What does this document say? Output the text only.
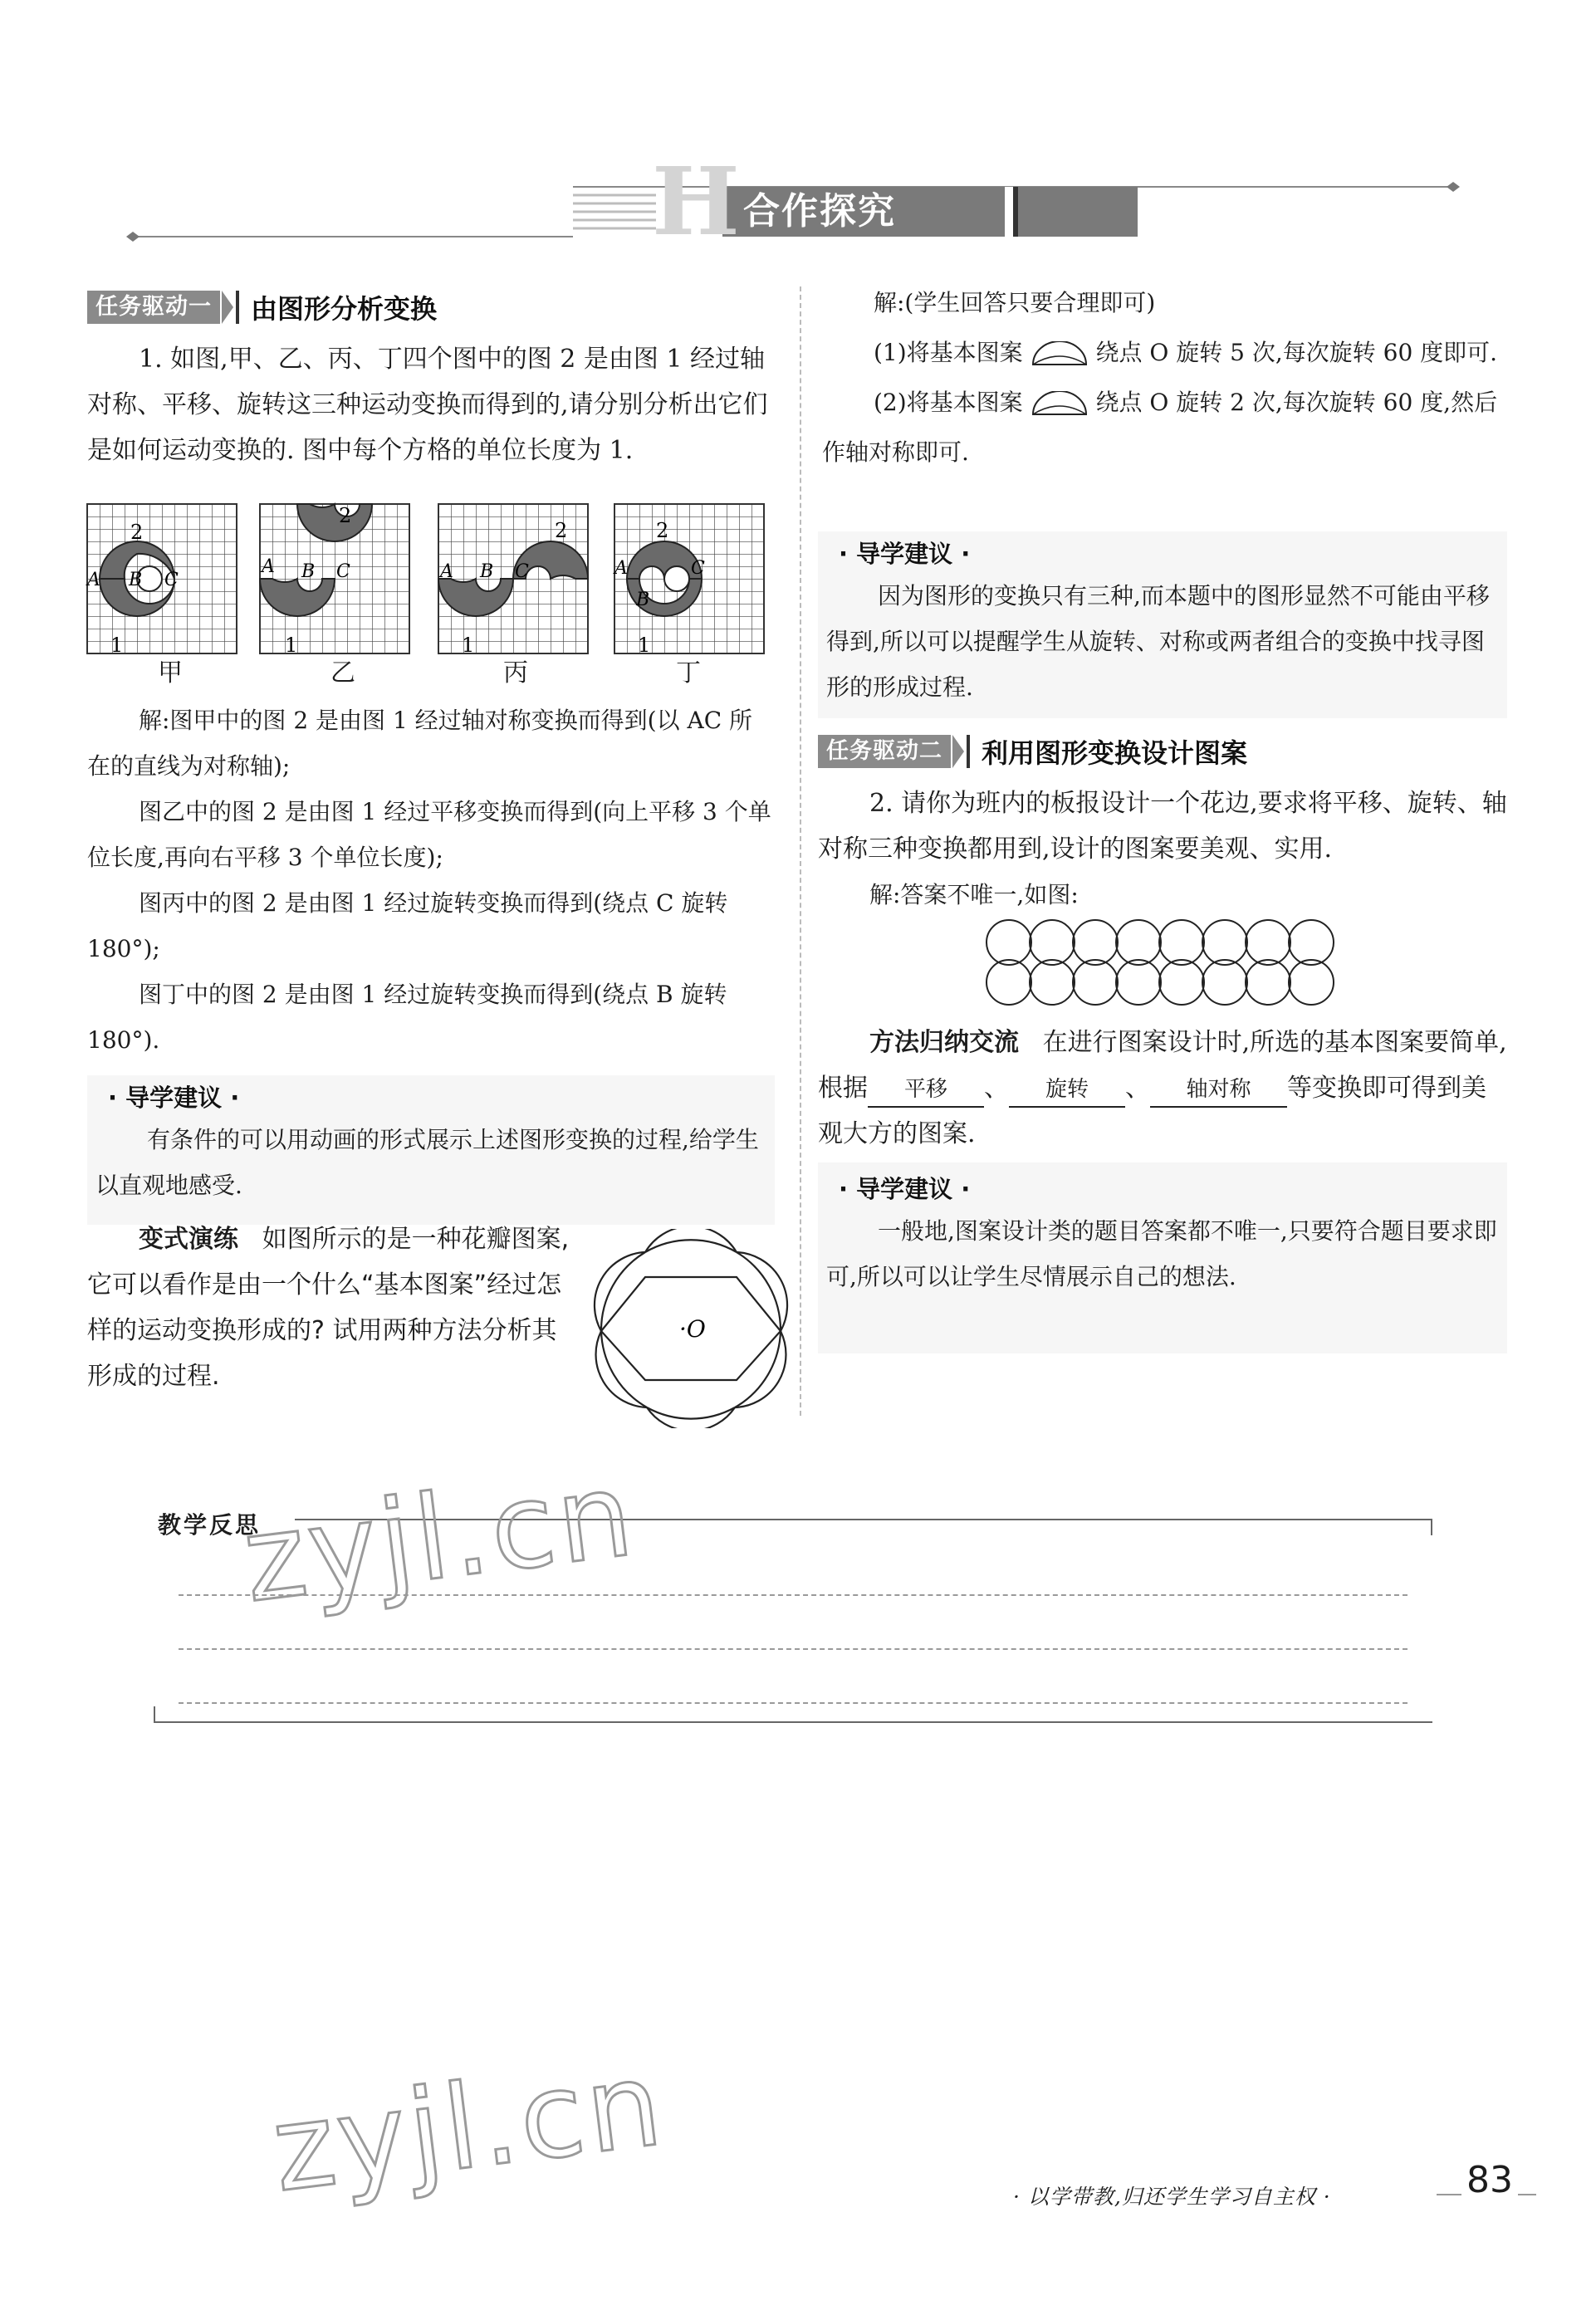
H 合作探究
任务驱动一	由图形分析变换

1. 如图,甲、乙、丙、丁四个图中的图 2 是由图 1 经过轴对称、平移、旋转这三种运动变换而得到的,请分别分析出它们是如何运动变换的. 图中每个方格的单位长度为 1.

2
A B C
1
2
A B C
1
2
A B C
1
2
A
B
C
1
甲	乙	丙	丁

解:图甲中的图 2 是由图 1 经过轴对称变换而得到(以 AC 所在的直线为对称轴);

图乙中的图 2 是由图 1 经过平移变换而得到(向上平移 3 个单位长度,再向右平移 3 个单位长度);

图丙中的图 2 是由图 1 经过旋转变换而得到(绕点 C 旋转 180°);

图丁中的图 2 是由图 1 经过旋转变换而得到(绕点 B 旋转 180°).

· 导学建议 ·

有条件的可以用动画的形式展示上述图形变换的过程,给学生以直观地感受.

变式演练 如图所示的是一种花瓣图案,它可以看作是由一个什么“基本图案”经过怎样的运动变换形成的? 试用两种方法分析其形成的过程.

·O

解:(学生回答只要合理即可)

(1)将基本图案	绕点 O 旋转 5 次,每次旋转 60 度即可.

(2)将基本图案	绕点 O 旋转 2 次,每次旋转 60 度,然后作轴对称即可.

· 导学建议 ·

因为图形的变换只有三种,而本题中的图形显然不可能由平移得到,所以可以提醒学生从旋转、对称或两者组合的变换中找寻图形的形成过程.

任务驱动二	利用图形变换设计图案

2. 请你为班内的板报设计一个花边,要求将平移、旋转、轴对称三种变换都用到,设计的图案要美观、实用.

解:答案不唯一,如图:

方法归纳交流 在进行图案设计时,所选的基本图案要简单,根据 平移 、 旋转 、 轴对称 等变换即可得到美观大方的图案.

· 导学建议 ·

一般地,图案设计类的题目答案都不唯一,只要符合题目要求即可,所以可以让学生尽情展示自己的想法.

教学反思
zyjl.cn
zyjl.cn	· 以学带教,归还学生学习自主权 ·	83
